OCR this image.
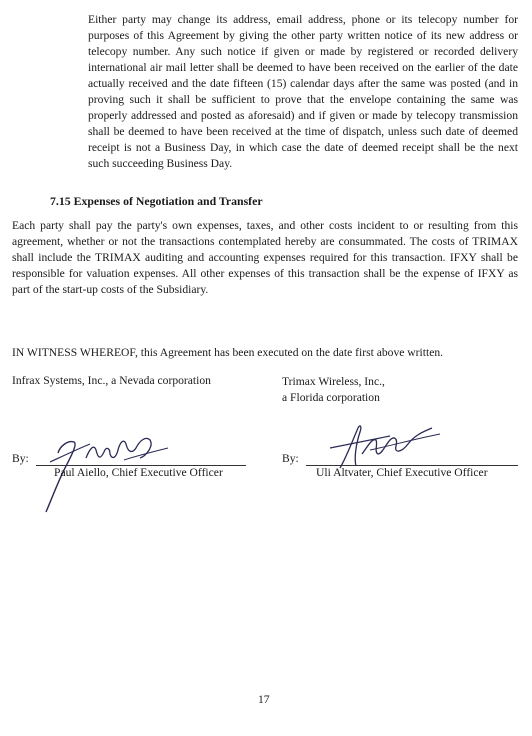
Either party may change its address, email address, phone or its telecopy number for purposes of this Agreement by giving the other party written notice of its new address or telecopy number. Any such notice if given or made by registered or recorded delivery international air mail letter shall be deemed to have been received on the earlier of the date actually received and the date fifteen (15) calendar days after the same was posted (and in proving such it shall be sufficient to prove that the envelope containing the same was properly addressed and posted as aforesaid) and if given or made by telecopy transmission shall be deemed to have been received at the time of dispatch, unless such date of deemed receipt is not a Business Day, in which case the date of deemed receipt shall be the next such succeeding Business Day.
7.15 Expenses of Negotiation and Transfer
Each party shall pay the party's own expenses, taxes, and other costs incident to or resulting from this agreement, whether or not the transactions contemplated hereby are consummated. The costs of TRIMAX shall include the TRIMAX auditing and accounting expenses required for this transaction. IFXY shall be responsible for valuation expenses. All other expenses of this transaction shall be the expense of IFXY as part of the start-up costs of the Subsidiary.
IN WITNESS WHEREOF, this Agreement has been executed on the date first above written.
Infrax Systems, Inc., a Nevada corporation	Trimax Wireless, Inc.,
a Florida corporation
By:
Paul Aiello, Chief Executive Officer
By:
Uli Altvater, Chief Executive Officer
17
